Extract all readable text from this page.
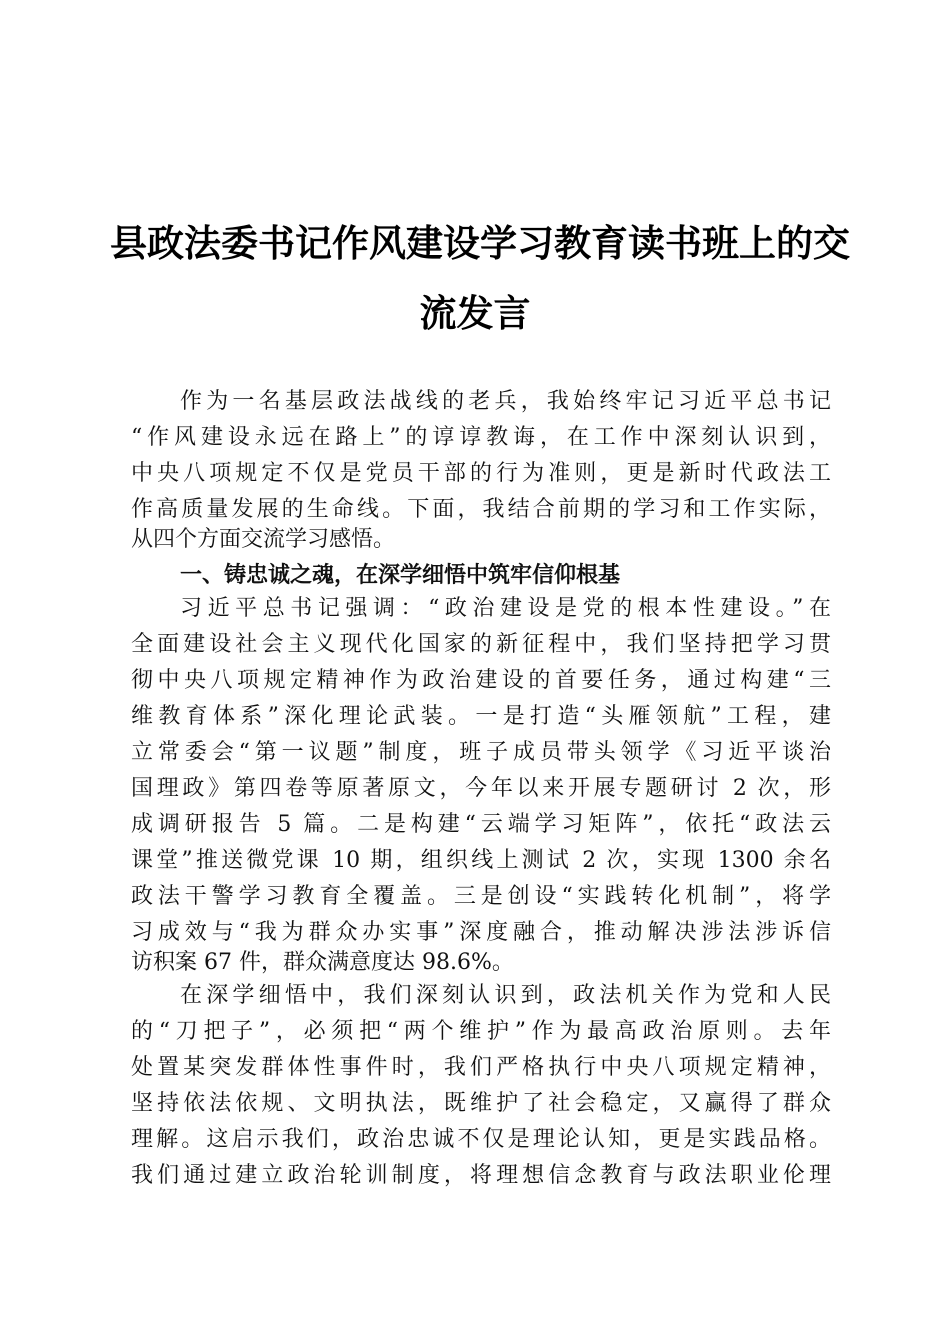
县政法委书记作风建设学习教育读书班上的交
流发言
作为一名基层政法战线的老兵，我始终牢记习近平总书记
“作风建设永远在路上”的谆谆教诲，在工作中深刻认识到，
中央八项规定不仅是党员干部的行为准则，更是新时代政法工
作高质量发展的生命线。下面，我结合前期的学习和工作实际，
从四个方面交流学习感悟。
一、铸忠诚之魂，在深学细悟中筑牢信仰根基
习近平总书记强调：“政治建设是党的根本性建设。”在
全面建设社会主义现代化国家的新征程中，我们坚持把学习贯
彻中央八项规定精神作为政治建设的首要任务，通过构建“三
维教育体系”深化理论武装。一是打造“头雁领航”工程，建
立常委会“第一议题”制度，班子成员带头领学《习近平谈治
国理政》第四卷等原著原文，今年以来开展专题研讨 2 次，形
成调研报告 5 篇。二是构建“云端学习矩阵”，依托“政法云
课堂”推送微党课 10 期，组织线上测试 2 次，实现 1300 余名
政法干警学习教育全覆盖。三是创设“实践转化机制”，将学
习成效与“我为群众办实事”深度融合，推动解决涉法涉诉信
访积案 67 件，群众满意度达 98.6%。
在深学细悟中，我们深刻认识到，政法机关作为党和人民
的“刀把子”，必须把“两个维护”作为最高政治原则。去年
处置某突发群体性事件时，我们严格执行中央八项规定精神，
坚持依法依规、文明执法，既维护了社会稳定，又赢得了群众
理解。这启示我们，政治忠诚不仅是理论认知，更是实践品格。
我们通过建立政治轮训制度，将理想信念教育与政法职业伦理
